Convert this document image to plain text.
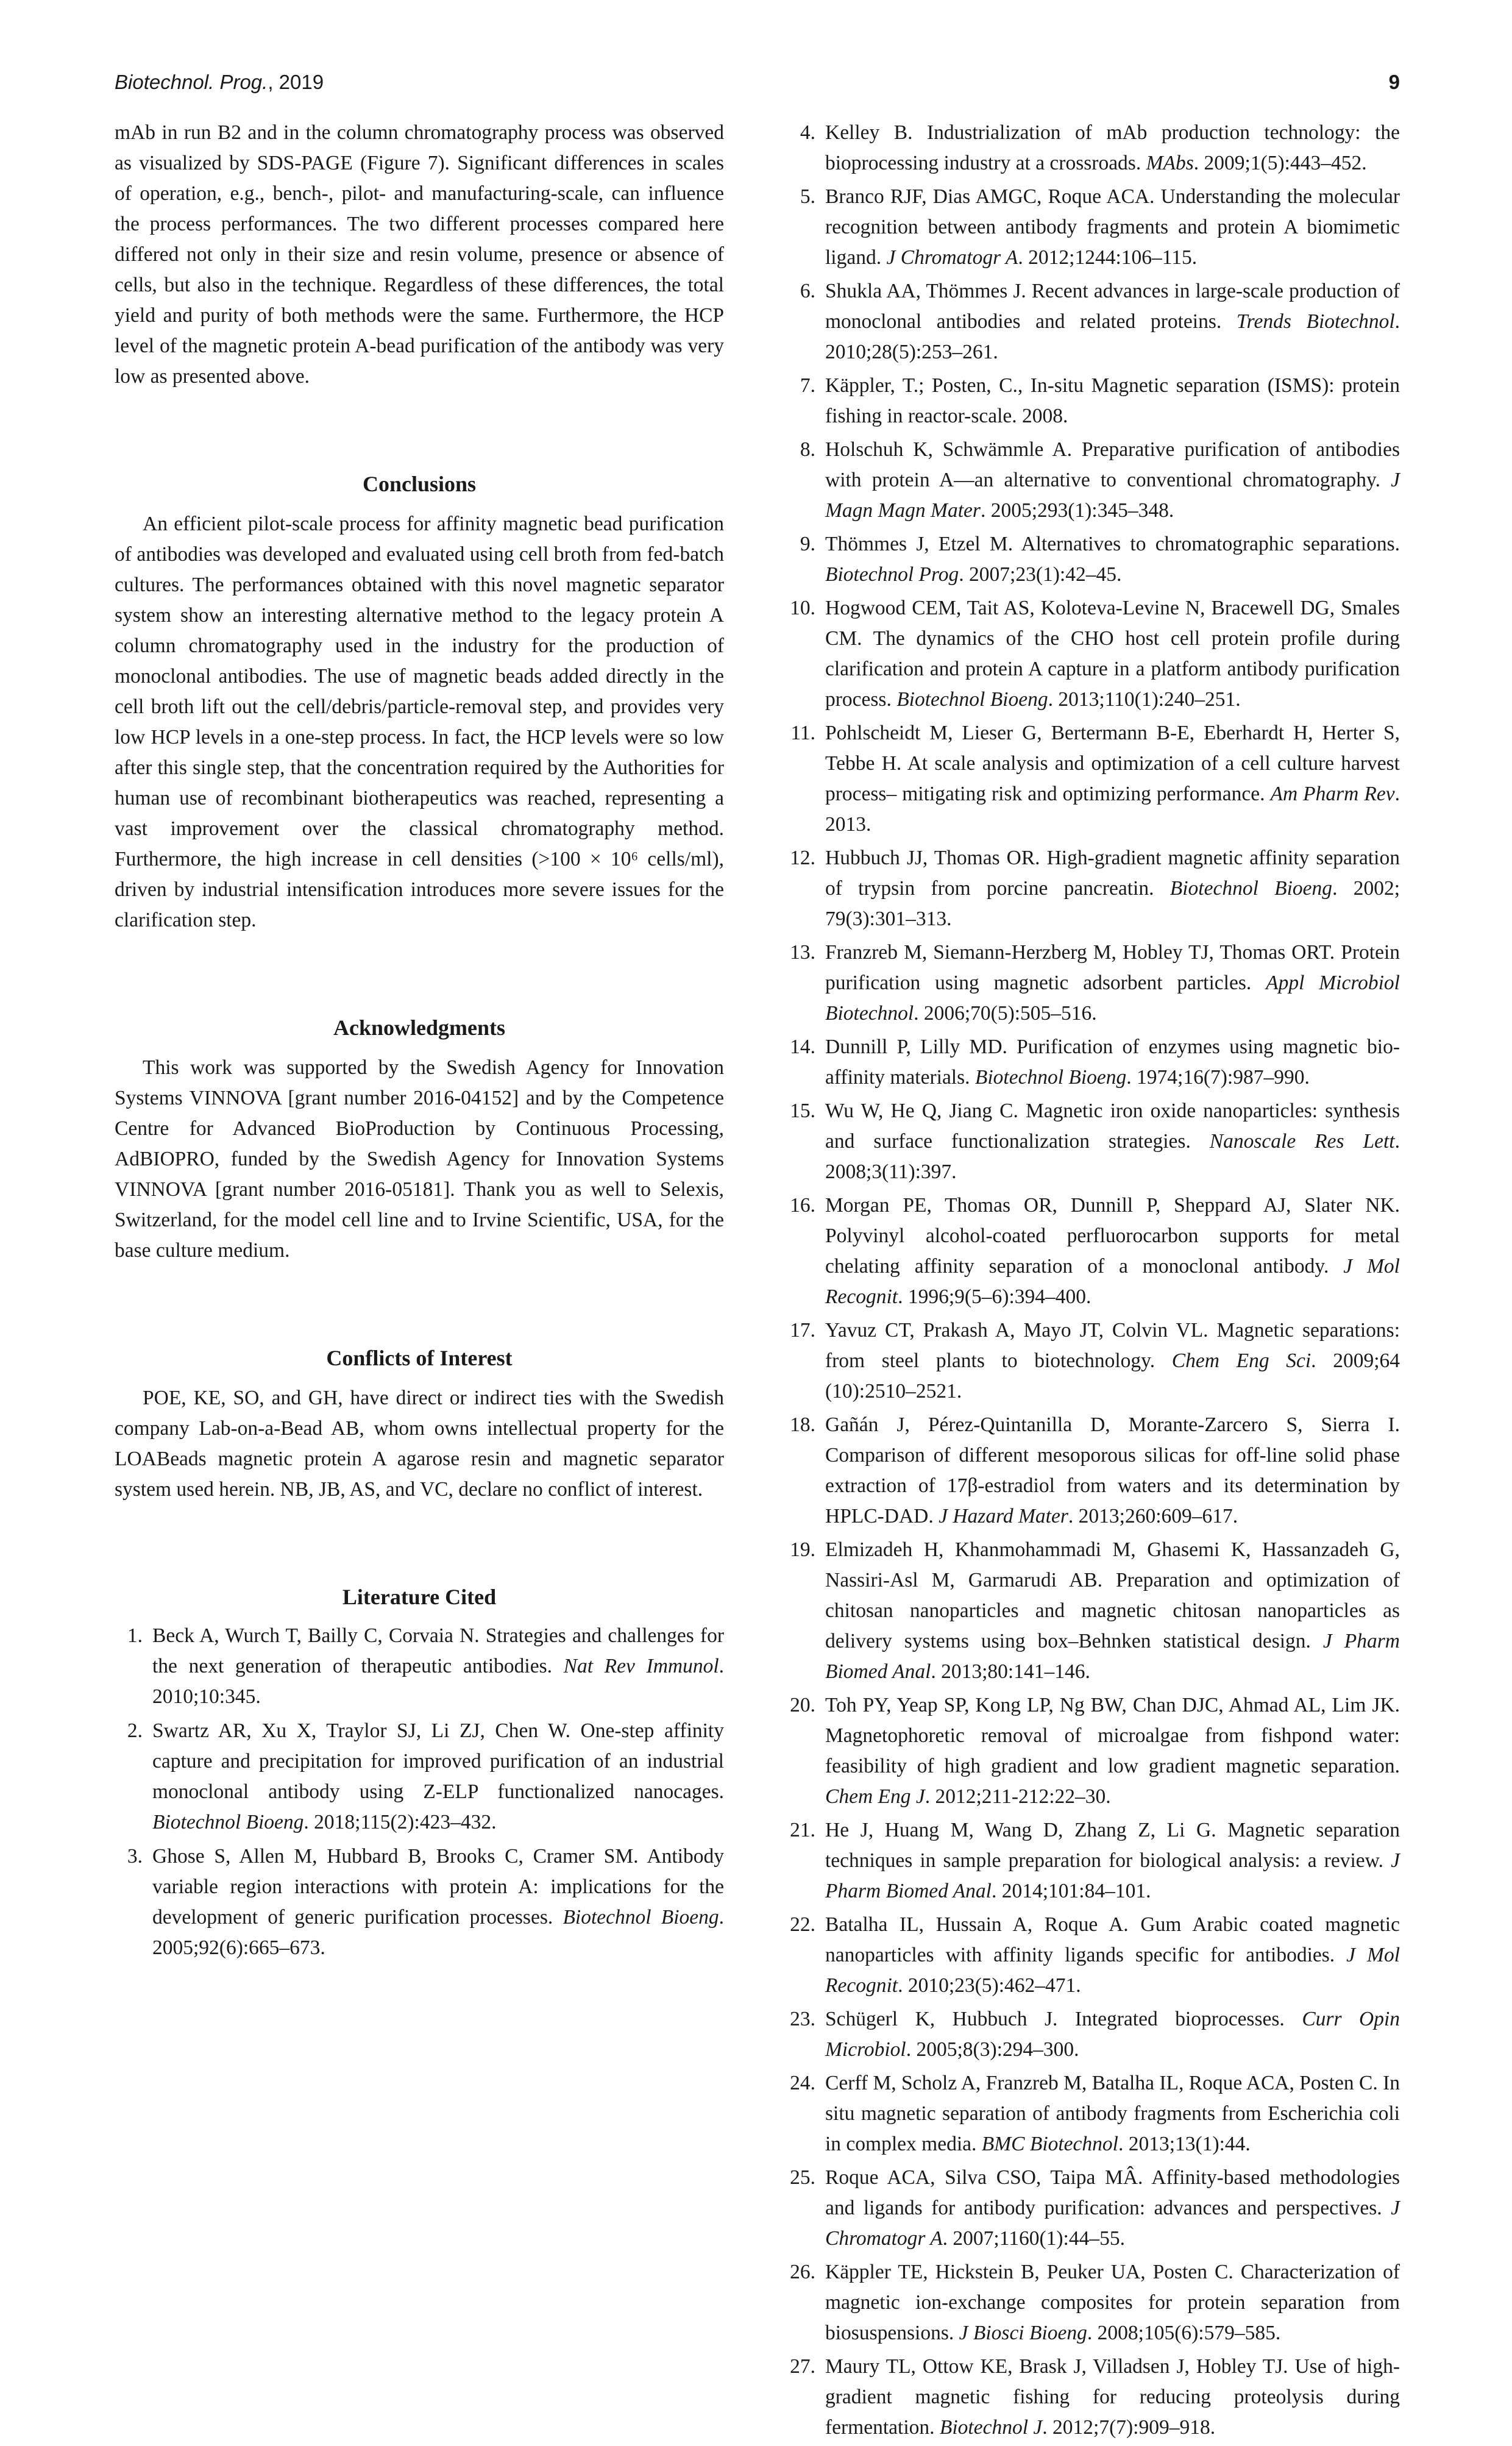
Biotechnol. Prog., 2019	9

mAb in run B2 and in the column chromatography process was observed as visualized by SDS-PAGE (Figure 7). Significant differences in scales of operation, e.g., bench-, pilot- and manufacturing-scale, can influence the process performances. The two different processes compared here differed not only in their size and resin volume, presence or absence of cells, but also in the technique. Regardless of these differences, the total yield and purity of both methods were the same. Furthermore, the HCP level of the magnetic protein A-bead purification of the antibody was very low as presented above.

Conclusions

An efficient pilot-scale process for affinity magnetic bead purification of antibodies was developed and evaluated using cell broth from fed-batch cultures. The performances obtained with this novel magnetic separator system show an interesting alternative method to the legacy protein A column chromatography used in the industry for the production of monoclonal antibodies. The use of magnetic beads added directly in the cell broth lift out the cell/debris/particle-removal step, and provides very low HCP levels in a one-step process. In fact, the HCP levels were so low after this single step, that the concentration required by the Authorities for human use of recombinant biotherapeutics was reached, representing a vast improvement over the classical chromatography method. Furthermore, the high increase in cell densities (>100 × 10⁶ cells/ml), driven by industrial intensification introduces more severe issues for the clarification step.

Acknowledgments

This work was supported by the Swedish Agency for Innovation Systems VINNOVA [grant number 2016-04152] and by the Competence Centre for Advanced BioProduction by Continuous Processing, AdBIOPRO, funded by the Swedish Agency for Innovation Systems VINNOVA [grant number 2016-05181]. Thank you as well to Selexis, Switzerland, for the model cell line and to Irvine Scientific, USA, for the base culture medium.

Conflicts of Interest

POE, KE, SO, and GH, have direct or indirect ties with the Swedish company Lab-on-a-Bead AB, whom owns intellectual property for the LOABeads magnetic protein A agarose resin and magnetic separator system used herein. NB, JB, AS, and VC, declare no conflict of interest.

Literature Cited
1. Beck A, Wurch T, Bailly C, Corvaia N. Strategies and challenges for the next generation of therapeutic antibodies. Nat Rev Immunol. 2010;10:345.
2. Swartz AR, Xu X, Traylor SJ, Li ZJ, Chen W. One-step affinity capture and precipitation for improved purification of an industrial monoclonal antibody using Z-ELP functionalized nanocages. Biotechnol Bioeng. 2018;115(2):423–432.
3. Ghose S, Allen M, Hubbard B, Brooks C, Cramer SM. Antibody variable region interactions with protein A: implications for the development of generic purification processes. Biotechnol Bioeng. 2005;92(6):665–673.
4. Kelley B. Industrialization of mAb production technology: the bioprocessing industry at a crossroads. MAbs. 2009;1(5):443–452.
5. Branco RJF, Dias AMGC, Roque ACA. Understanding the molecular recognition between antibody fragments and protein A biomimetic ligand. J Chromatogr A. 2012;1244:106–115.
6. Shukla AA, Thömmes J. Recent advances in large-scale production of monoclonal antibodies and related proteins. Trends Biotechnol. 2010;28(5):253–261.
7. Käppler, T.; Posten, C., In-situ Magnetic separation (ISMS): protein fishing in reactor-scale. 2008.
8. Holschuh K, Schwämmle A. Preparative purification of antibodies with protein A—an alternative to conventional chromatography. J Magn Magn Mater. 2005;293(1):345–348.
9. Thömmes J, Etzel M. Alternatives to chromatographic separations. Biotechnol Prog. 2007;23(1):42–45.
10. Hogwood CEM, Tait AS, Koloteva-Levine N, Bracewell DG, Smales CM. The dynamics of the CHO host cell protein profile during clarification and protein A capture in a platform antibody purification process. Biotechnol Bioeng. 2013;110(1):240–251.
11. Pohlscheidt M, Lieser G, Bertermann B-E, Eberhardt H, Herter S, Tebbe H. At scale analysis and optimization of a cell culture harvest process– mitigating risk and optimizing performance. Am Pharm Rev. 2013.
12. Hubbuch JJ, Thomas OR. High-gradient magnetic affinity separation of trypsin from porcine pancreatin. Biotechnol Bioeng. 2002; 79(3):301–313.
13. Franzreb M, Siemann-Herzberg M, Hobley TJ, Thomas ORT. Protein purification using magnetic adsorbent particles. Appl Microbiol Biotechnol. 2006;70(5):505–516.
14. Dunnill P, Lilly MD. Purification of enzymes using magnetic bio-affinity materials. Biotechnol Bioeng. 1974;16(7):987–990.
15. Wu W, He Q, Jiang C. Magnetic iron oxide nanoparticles: synthesis and surface functionalization strategies. Nanoscale Res Lett. 2008;3(11):397.
16. Morgan PE, Thomas OR, Dunnill P, Sheppard AJ, Slater NK. Polyvinyl alcohol-coated perfluorocarbon supports for metal chelating affinity separation of a monoclonal antibody. J Mol Recognit. 1996;9(5–6):394–400.
17. Yavuz CT, Prakash A, Mayo JT, Colvin VL. Magnetic separations: from steel plants to biotechnology. Chem Eng Sci. 2009;64 (10):2510–2521.
18. Gañán J, Pérez-Quintanilla D, Morante-Zarcero S, Sierra I. Comparison of different mesoporous silicas for off-line solid phase extraction of 17β-estradiol from waters and its determination by HPLC-DAD. J Hazard Mater. 2013;260:609–617.
19. Elmizadeh H, Khanmohammadi M, Ghasemi K, Hassanzadeh G, Nassiri-Asl M, Garmarudi AB. Preparation and optimization of chitosan nanoparticles and magnetic chitosan nanoparticles as delivery systems using box–Behnken statistical design. J Pharm Biomed Anal. 2013;80:141–146.
20. Toh PY, Yeap SP, Kong LP, Ng BW, Chan DJC, Ahmad AL, Lim JK. Magnetophoretic removal of microalgae from fishpond water: feasibility of high gradient and low gradient magnetic separation. Chem Eng J. 2012;211-212:22–30.
21. He J, Huang M, Wang D, Zhang Z, Li G. Magnetic separation techniques in sample preparation for biological analysis: a review. J Pharm Biomed Anal. 2014;101:84–101.
22. Batalha IL, Hussain A, Roque A. Gum Arabic coated magnetic nanoparticles with affinity ligands specific for antibodies. J Mol Recognit. 2010;23(5):462–471.
23. Schügerl K, Hubbuch J. Integrated bioprocesses. Curr Opin Microbiol. 2005;8(3):294–300.
24. Cerff M, Scholz A, Franzreb M, Batalha IL, Roque ACA, Posten C. In situ magnetic separation of antibody fragments from Escherichia coli in complex media. BMC Biotechnol. 2013;13(1):44.
25. Roque ACA, Silva CSO, Taipa MÂ. Affinity-based methodologies and ligands for antibody purification: advances and perspectives. J Chromatogr A. 2007;1160(1):44–55.
26. Käppler TE, Hickstein B, Peuker UA, Posten C. Characterization of magnetic ion-exchange composites for protein separation from biosuspensions. J Biosci Bioeng. 2008;105(6):579–585.
27. Maury TL, Ottow KE, Brask J, Villadsen J, Hobley TJ. Use of high-gradient magnetic fishing for reducing proteolysis during fermentation. Biotechnol J. 2012;7(7):909–918.
